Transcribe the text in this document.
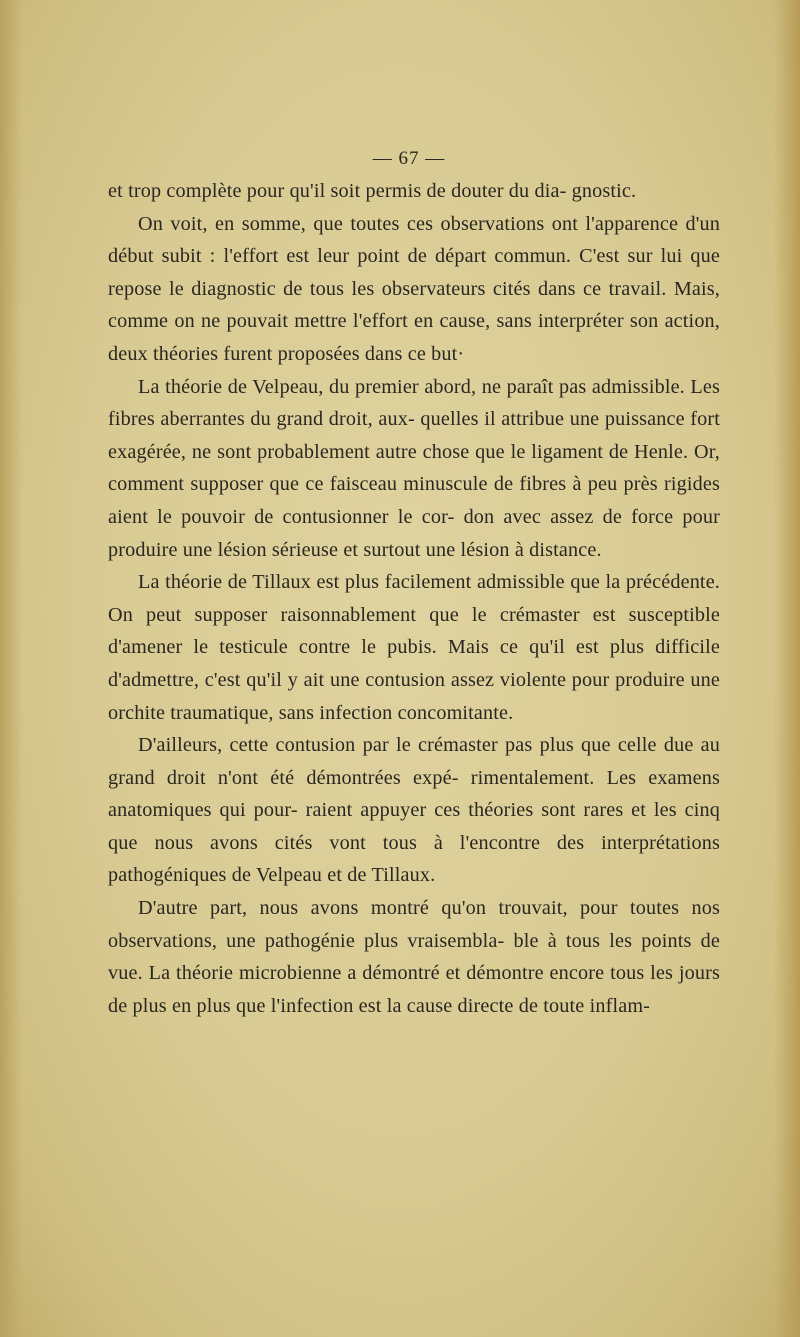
— 67 —

et trop complète pour qu'il soit permis de douter du dia- gnostic.

On voit, en somme, que toutes ces observations ont l'apparence d'un début subit : l'effort est leur point de départ commun. C'est sur lui que repose le diagnostic de tous les observateurs cités dans ce travail. Mais, comme on ne pouvait mettre l'effort en cause, sans interpréter son action, deux théories furent proposées dans ce but·

La théorie de Velpeau, du premier abord, ne paraît pas admissible. Les fibres aberrantes du grand droit, aux- quelles il attribue une puissance fort exagérée, ne sont probablement autre chose que le ligament de Henle. Or, comment supposer que ce faisceau minuscule de fibres à peu près rigides aient le pouvoir de contusionner le cor- don avec assez de force pour produire une lésion sérieuse et surtout une lésion à distance.

La théorie de Tillaux est plus facilement admissible que la précédente. On peut supposer raisonnablement que le crémaster est susceptible d'amener le testicule contre le pubis. Mais ce qu'il est plus difficile d'admettre, c'est qu'il y ait une contusion assez violente pour produire une orchite traumatique, sans infection concomitante.

D'ailleurs, cette contusion par le crémaster pas plus que celle due au grand droit n'ont été démontrées expé- rimentalement. Les examens anatomiques qui pour- raient appuyer ces théories sont rares et les cinq que nous avons cités vont tous à l'encontre des interprétations pathogéniques de Velpeau et de Tillaux.

D'autre part, nous avons montré qu'on trouvait, pour toutes nos observations, une pathogénie plus vraisembla- ble à tous les points de vue. La théorie microbienne a démontré et démontre encore tous les jours de plus en plus que l'infection est la cause directe de toute inflam-
